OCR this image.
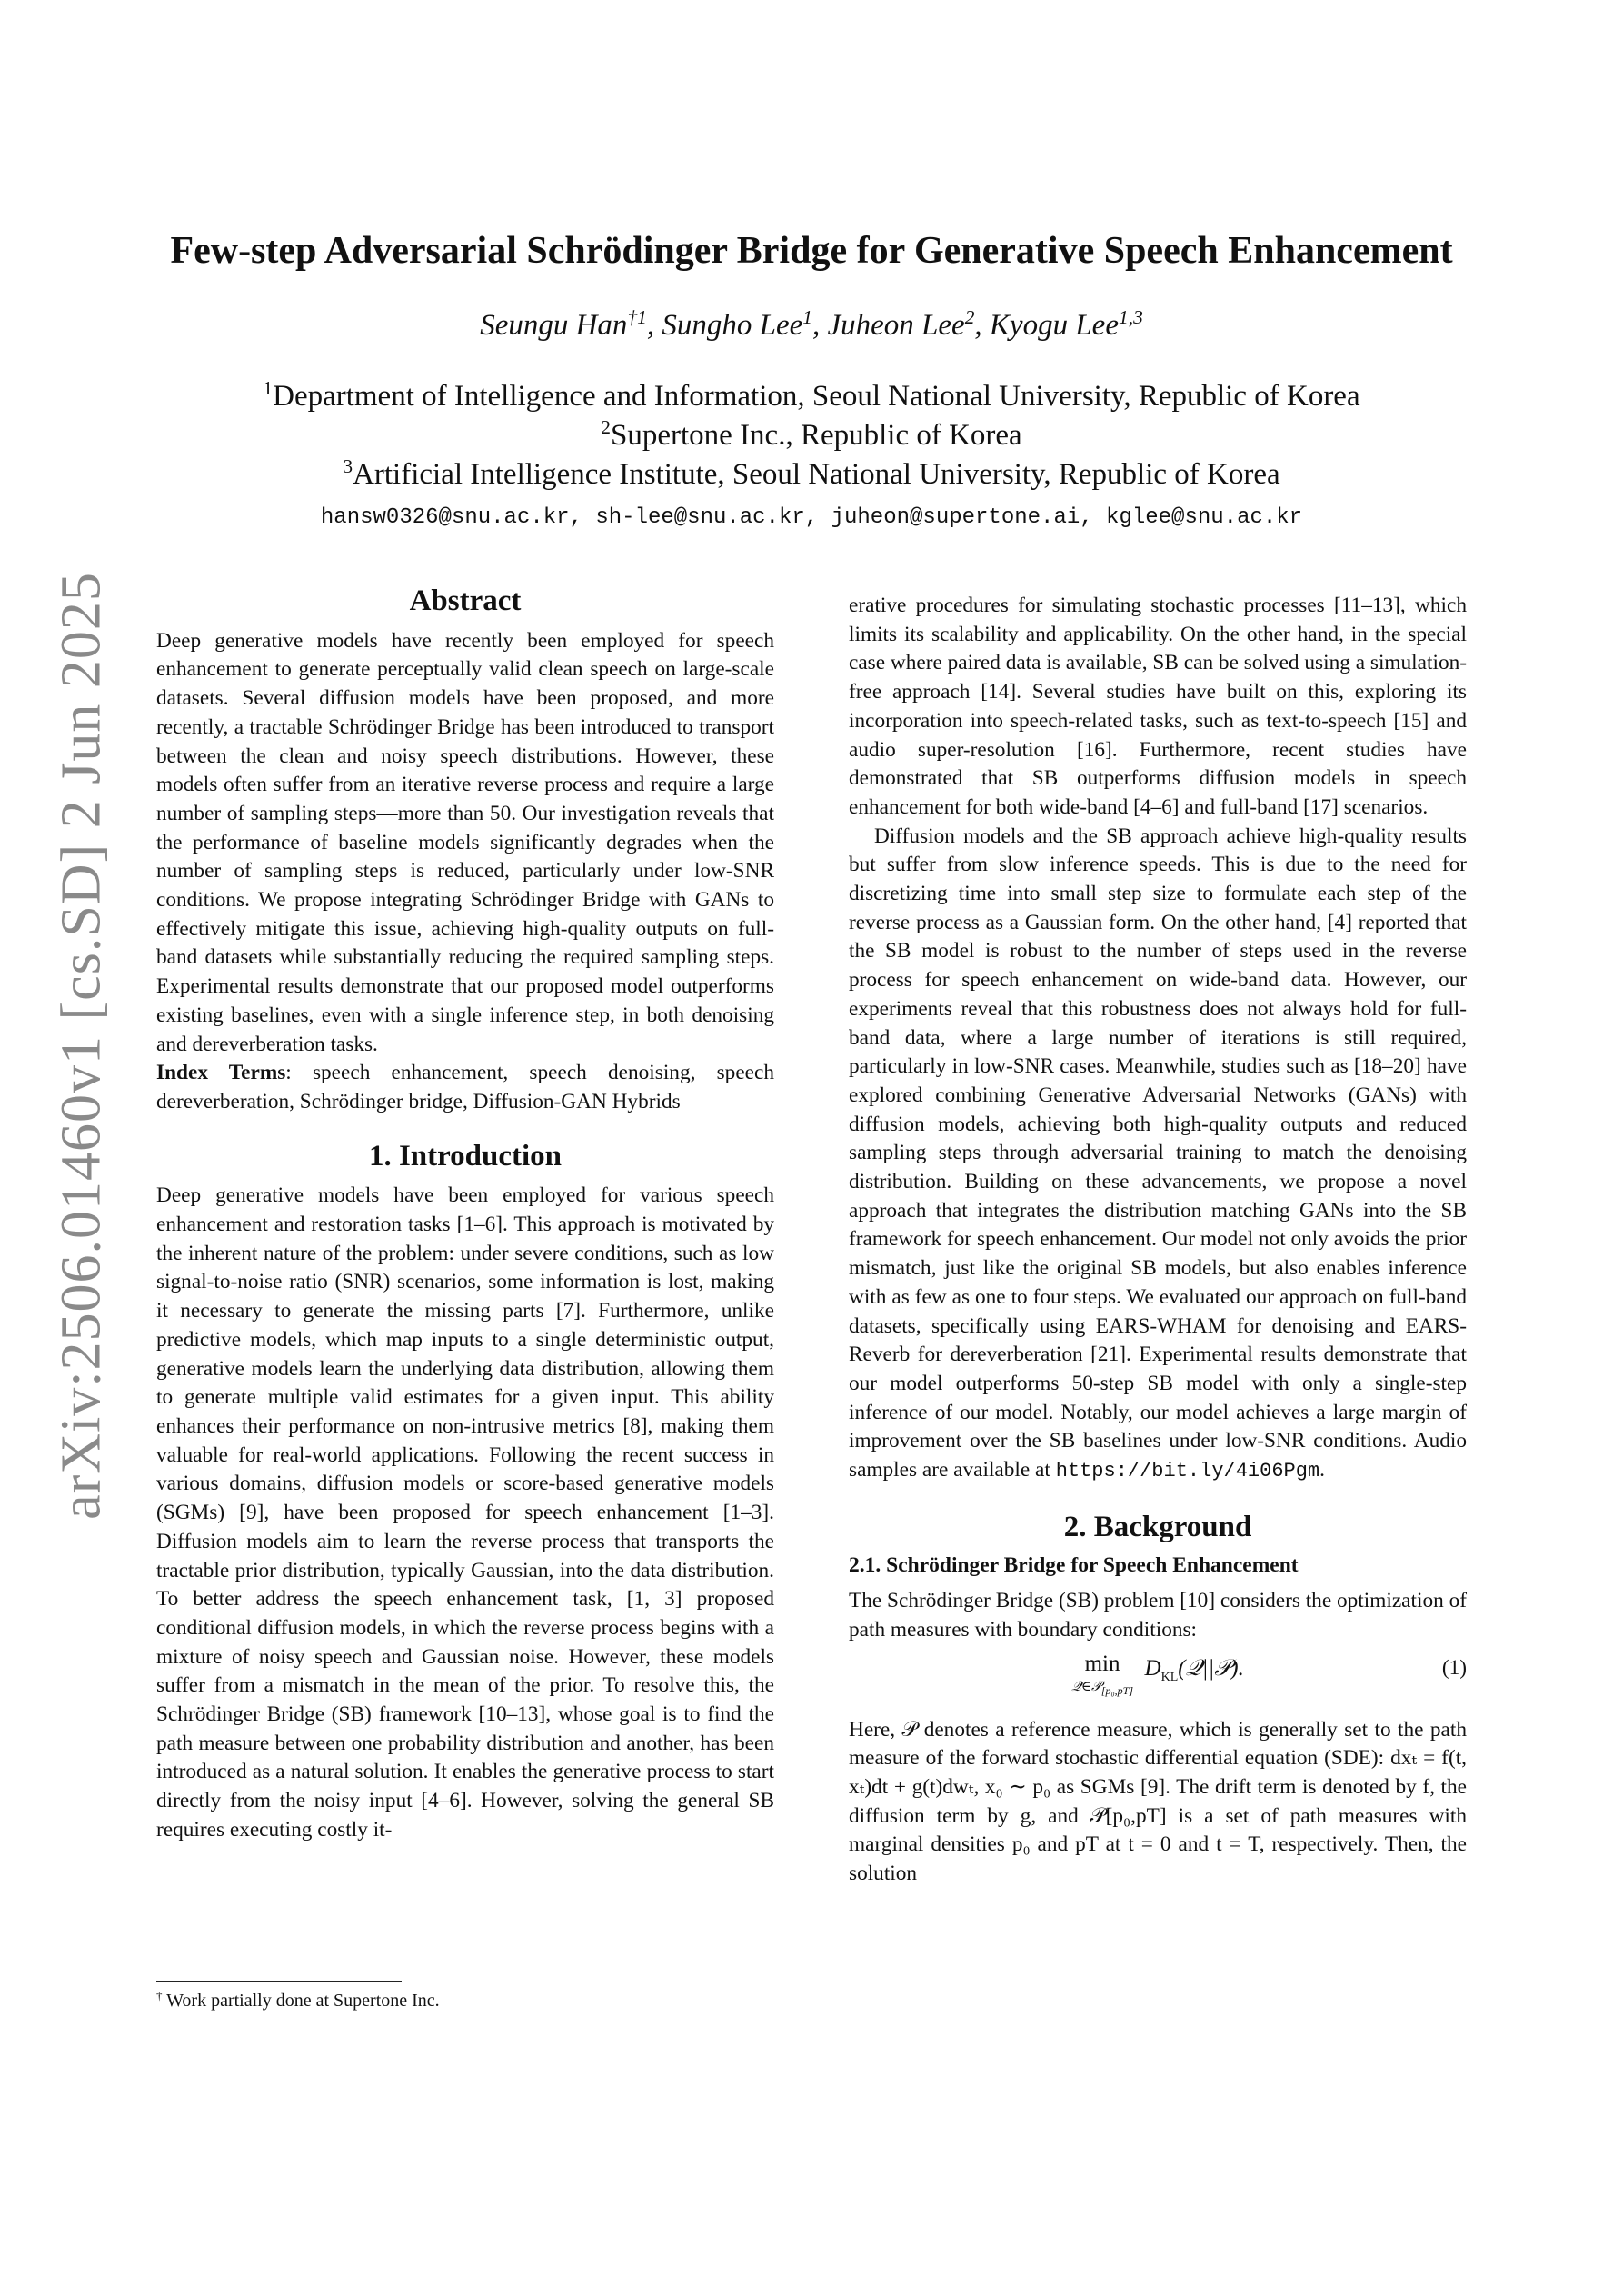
arXiv:2506.01460v1 [cs.SD] 2 Jun 2025
Few-step Adversarial Schrödinger Bridge for Generative Speech Enhancement
Seungu Han$^{\dagger 1}$, Sungho Lee$^1$, Juheon Lee$^2$, Kyogu Lee$^{1,3}$
$^1$Department of Intelligence and Information, Seoul National University, Republic of Korea
$^2$Supertone Inc., Republic of Korea
$^3$Artificial Intelligence Institute, Seoul National University, Republic of Korea
hansw0326@snu.ac.kr, sh-lee@snu.ac.kr, juheon@supertone.ai, kglee@snu.ac.kr

Abstract

Deep generative models have recently been employed for speech enhancement to generate perceptually valid clean speech on large-scale datasets. Several diffusion models have been proposed, and more recently, a tractable Schrödinger Bridge has been introduced to transport between the clean and noisy speech distributions. However, these models often suffer from an iterative reverse process and require a large number of sampling steps—more than 50. Our investigation reveals that the performance of baseline models significantly degrades when the number of sampling steps is reduced, particularly under low-SNR conditions. We propose integrating Schrödinger Bridge with GANs to effectively mitigate this issue, achieving high-quality outputs on full-band datasets while substantially reducing the required sampling steps. Experimental results demonstrate that our proposed model outperforms existing baselines, even with a single inference step, in both denoising and dereverberation tasks.

Index Terms: speech enhancement, speech denoising, speech dereverberation, Schrödinger bridge, Diffusion-GAN Hybrids

1. Introduction

Deep generative models have been employed for various speech enhancement and restoration tasks [1–6]. This approach is motivated by the inherent nature of the problem: under severe conditions, such as low signal-to-noise ratio (SNR) scenarios, some information is lost, making it necessary to generate the missing parts [7]. Furthermore, unlike predictive models, which map inputs to a single deterministic output, generative models learn the underlying data distribution, allowing them to generate multiple valid estimates for a given input. This ability enhances their performance on non-intrusive metrics [8], making them valuable for real-world applications. Following the recent success in various domains, diffusion models or score-based generative models (SGMs) [9], have been proposed for speech enhancement [1–3]. Diffusion models aim to learn the reverse process that transports the tractable prior distribution, typically Gaussian, into the data distribution. To better address the speech enhancement task, [1, 3] proposed conditional diffusion models, in which the reverse process begins with a mixture of noisy speech and Gaussian noise. However, these models suffer from a mismatch in the mean of the prior. To resolve this, the Schrödinger Bridge (SB) framework [10–13], whose goal is to find the path measure between one probability distribution and another, has been introduced as a natural solution. It enables the generative process to start directly from the noisy input [4–6]. However, solving the general SB requires executing costly it-

† Work partially done at Supertone Inc.

erative procedures for simulating stochastic processes [11–13], which limits its scalability and applicability. On the other hand, in the special case where paired data is available, SB can be solved using a simulation-free approach [14]. Several studies have built on this, exploring its incorporation into speech-related tasks, such as text-to-speech [15] and audio super-resolution [16]. Furthermore, recent studies have demonstrated that SB outperforms diffusion models in speech enhancement for both wide-band [4–6] and full-band [17] scenarios.

Diffusion models and the SB approach achieve high-quality results but suffer from slow inference speeds. This is due to the need for discretizing time into small step size to formulate each step of the reverse process as a Gaussian form. On the other hand, [4] reported that the SB model is robust to the number of steps used in the reverse process for speech enhancement on wide-band data. However, our experiments reveal that this robustness does not always hold for full-band data, where a large number of iterations is still required, particularly in low-SNR cases. Meanwhile, studies such as [18–20] have explored combining Generative Adversarial Networks (GANs) with diffusion models, achieving both high-quality outputs and reduced sampling steps through adversarial training to match the denoising distribution. Building on these advancements, we propose a novel approach that integrates the distribution matching GANs into the SB framework for speech enhancement. Our model not only avoids the prior mismatch, just like the original SB models, but also enables inference with as few as one to four steps. We evaluated our approach on full-band datasets, specifically using EARS-WHAM for denoising and EARS-Reverb for dereverberation [21]. Experimental results demonstrate that our model outperforms 50-step SB model with only a single-step inference of our model. Notably, our model achieves a large margin of improvement over the SB baselines under low-SNR conditions. Audio samples are available at https://bit.ly/4i06Pgm.

2. Background

2.1. Schrödinger Bridge for Speech Enhancement

The Schrödinger Bridge (SB) problem [10] considers the optimization of path measures with boundary conditions:

min
𝒬∈𝒫$_{[p_0,pT]}$  $D_{KL}(𝒬||𝒫)$.	(1)

Here, 𝒫 denotes a reference measure, which is generally set to the path measure of the forward stochastic differential equation (SDE): dxₜ = f(t, xₜ)dt + g(t)dwₜ, x₀ ∼ p₀ as SGMs [9]. The drift term is denoted by f, the diffusion term by g, and 𝒫[p₀,pT] is a set of path measures with marginal densities p₀ and pT at t = 0 and t = T, respectively. Then, the solution
